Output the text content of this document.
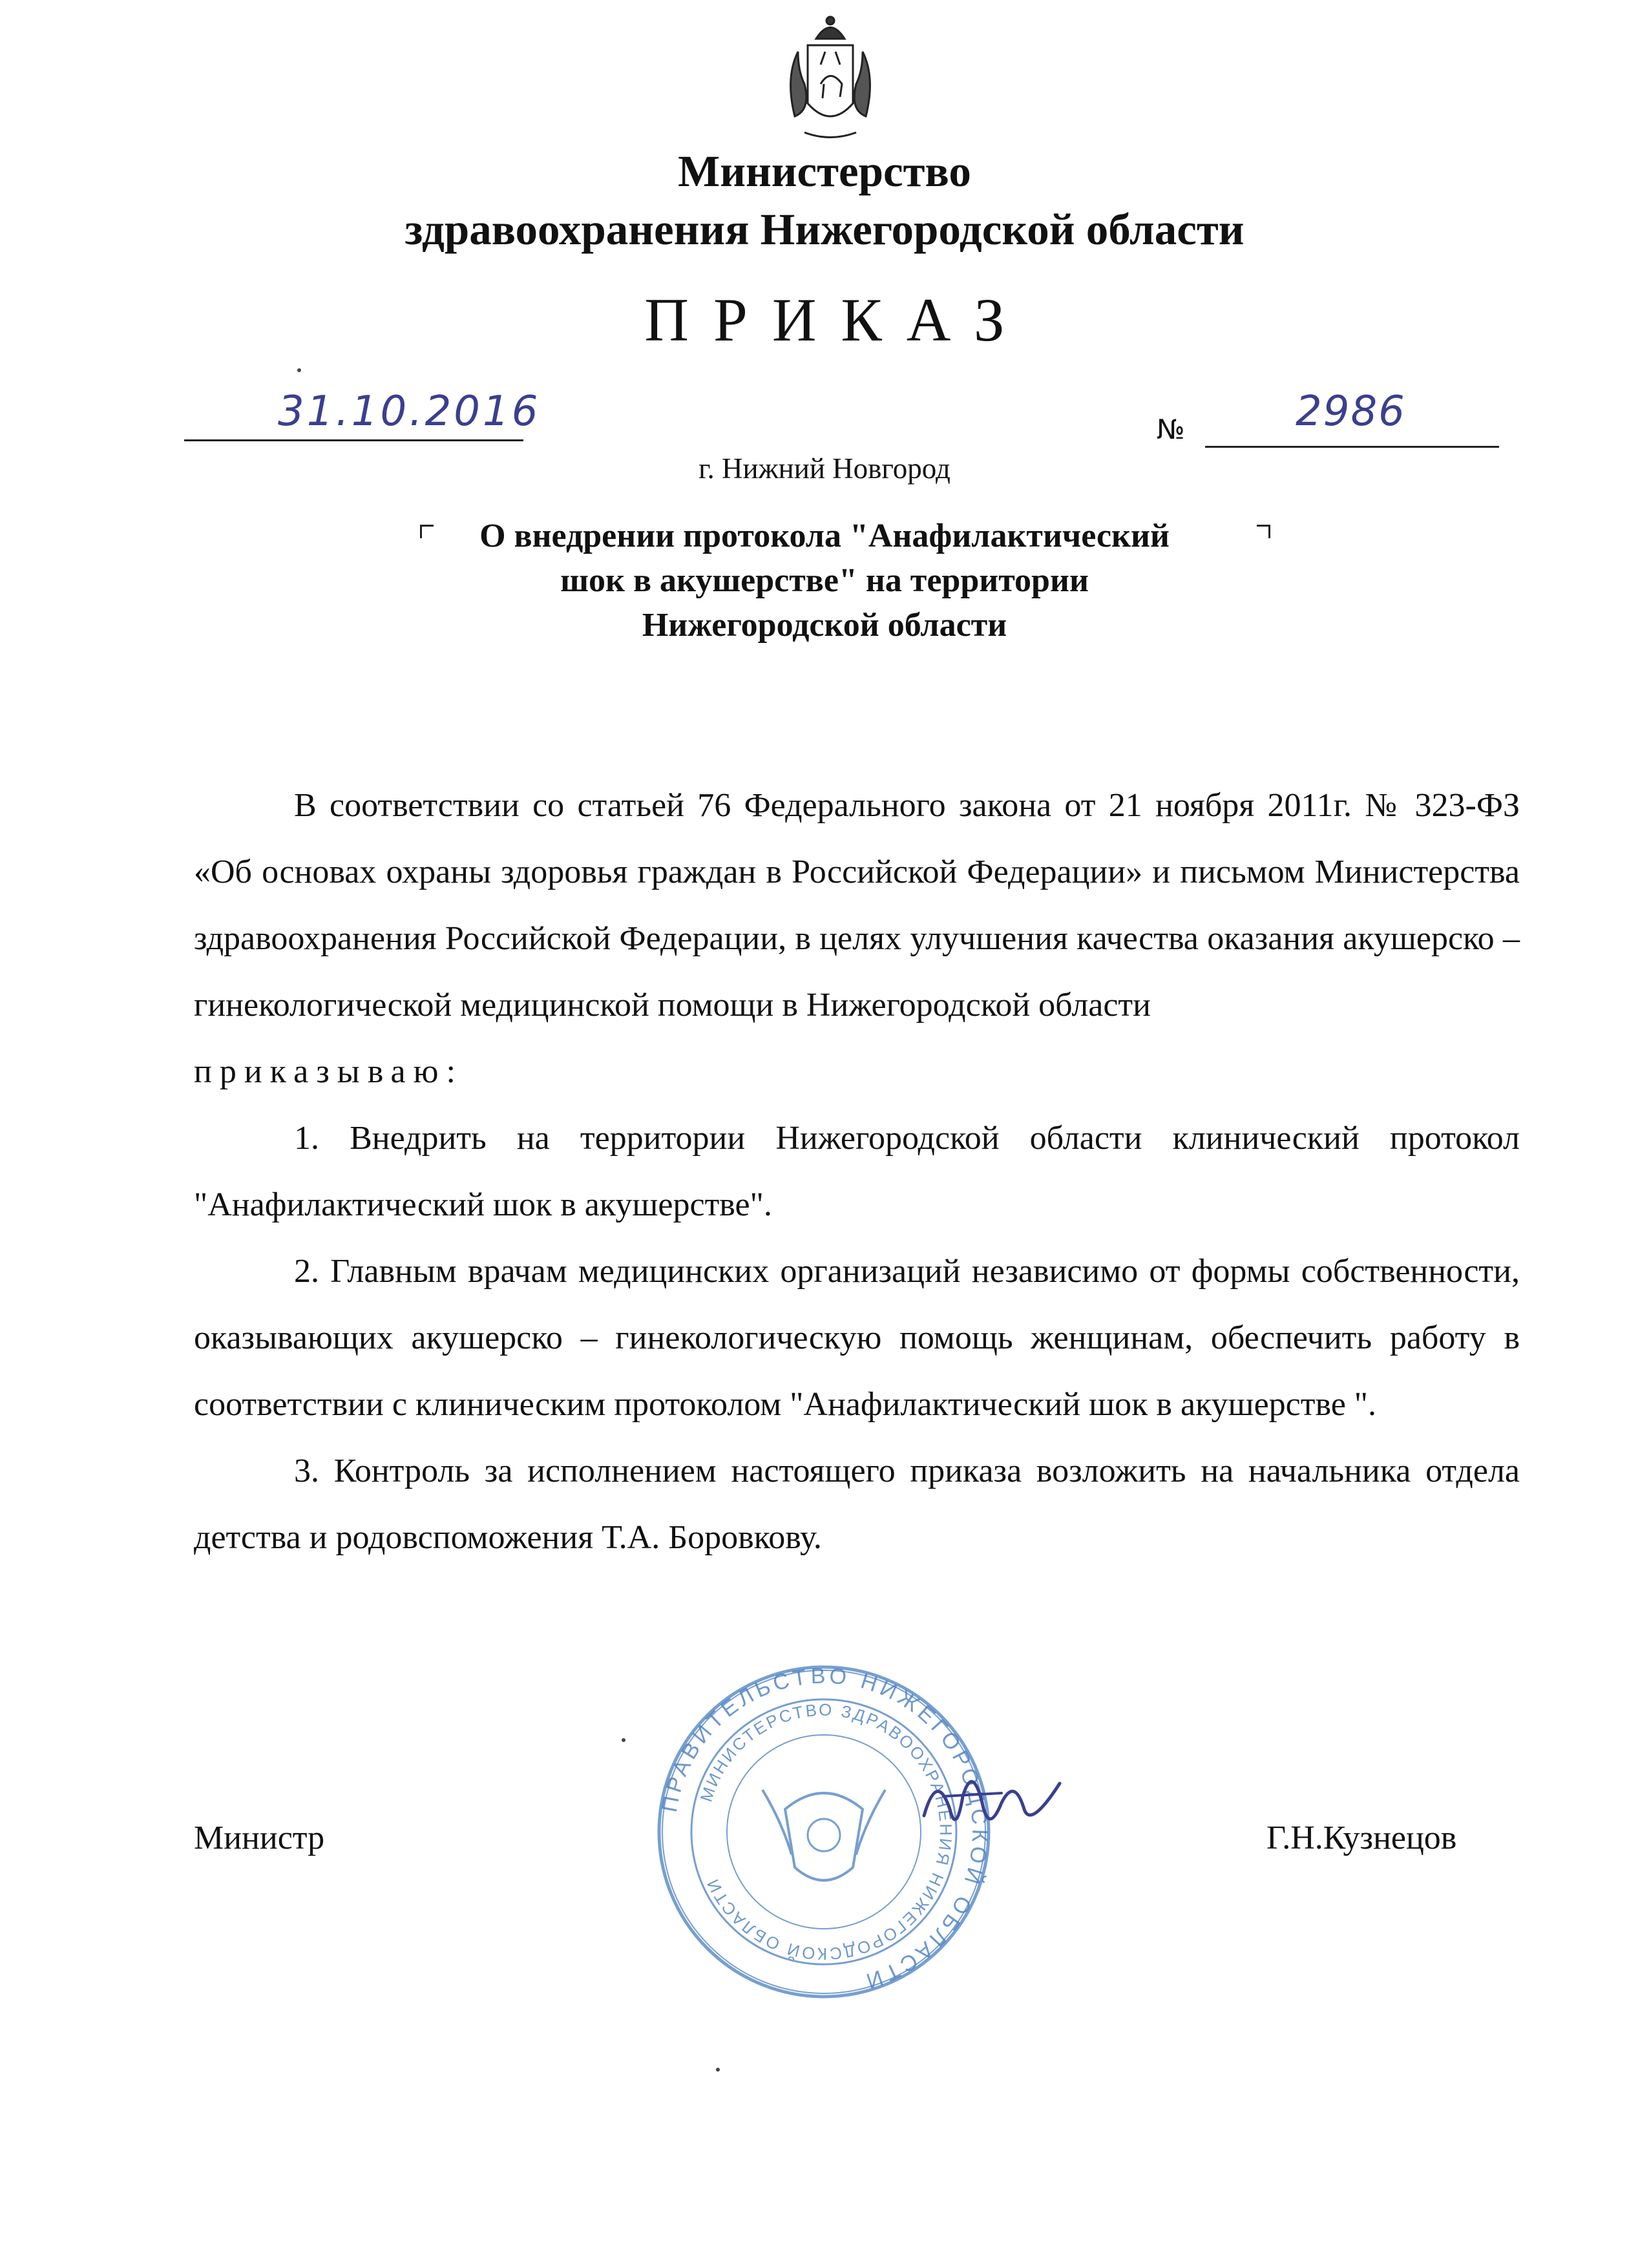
Министерство
здравоохранения Нижегородской области
ПРИКАЗ
31.10.2016	№	2986
г. Нижний Новгород
О внедрении протокола "Анафилактический
шок в акушерстве" на территории
Нижегородской области

В соответствии со статьей 76 Федерального закона от 21 ноября 2011г. № 323-ФЗ «Об основах охраны здоровья граждан в Российской Федерации» и письмом Министерства здравоохранения Российской Федерации, в целях улучшения качества оказания акушерско – гинекологической медицинской помощи в Нижегородской области

приказываю:

1. Внедрить на территории Нижегородской области клинический протокол "Анафилактический шок в акушерстве".

2. Главным врачам медицинских организаций независимо от формы собственности, оказывающих акушерско – гинекологическую помощь женщинам, обеспечить работу в соответствии с клиническим протоколом "Анафилактический шок в акушерстве ".

3. Контроль за исполнением настоящего приказа возложить на начальника отдела детства и родовспоможения Т.А. Боровкову.

ПРАВИТЕЛЬСТВО НИЖЕГОРОДСКОЙ ОБЛАСТИ
МИНИСТЕРСТВО ЗДРАВООХРАНЕНИЯ НИЖЕГОРОДСКОЙ ОБЛАСТИ
Министр	Г.Н.Кузнецов
